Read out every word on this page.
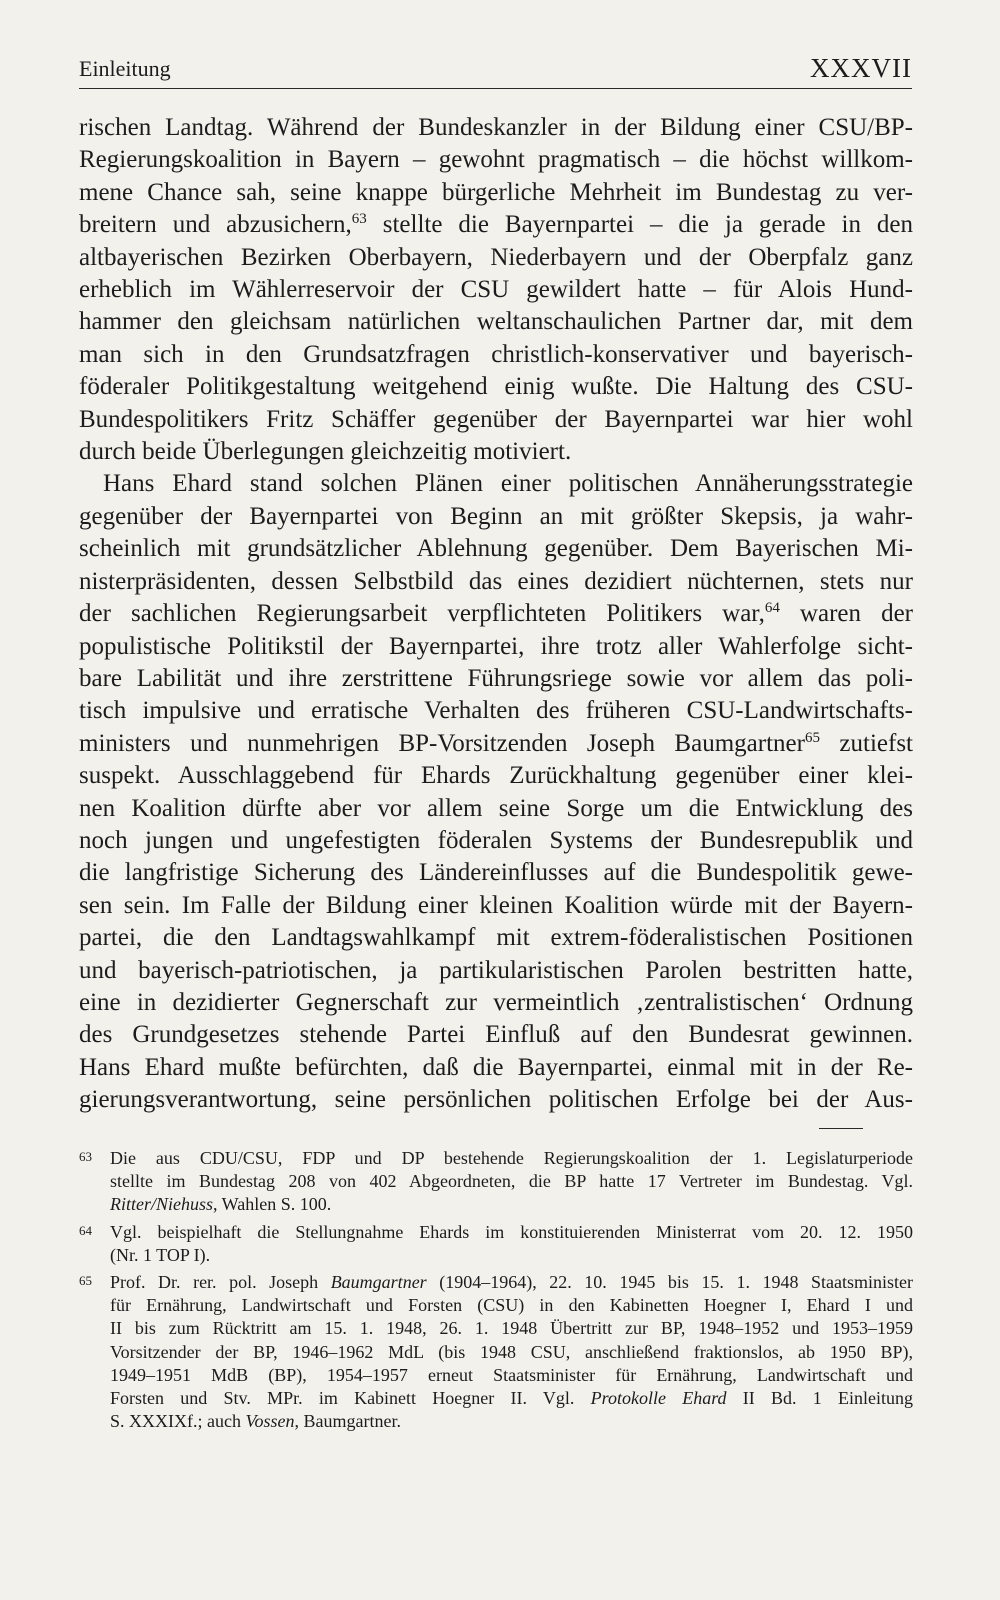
Einleitung	XXXVII

rischen Landtag. Während der Bundeskanzler in der Bildung einer CSU/BP-
Regierungskoalition in Bayern – gewohnt pragmatisch – die höchst willkom-
mene Chance sah, seine knappe bürgerliche Mehrheit im Bundestag zu ver-
breitern und abzusichern,$^{63}$ stellte die Bayernpartei – die ja gerade in den
altbayerischen Bezirken Oberbayern, Niederbayern und der Oberpfalz ganz
erheblich im Wählerreservoir der CSU gewildert hatte – für Alois Hund-
hammer den gleichsam natürlichen weltanschaulichen Partner dar, mit dem
man sich in den Grundsatzfragen christlich-konservativer und bayerisch-
föderaler Politikgestaltung weitgehend einig wußte. Die Haltung des CSU-
Bundespolitikers Fritz Schäffer gegenüber der Bayernpartei war hier wohl
durch beide Überlegungen gleichzeitig motiviert.

Hans Ehard stand solchen Plänen einer politischen Annäherungsstrategie
gegenüber der Bayernpartei von Beginn an mit größter Skepsis, ja wahr-
scheinlich mit grundsätzlicher Ablehnung gegenüber. Dem Bayerischen Mi-
nisterpräsidenten, dessen Selbstbild das eines dezidiert nüchternen, stets nur
der sachlichen Regierungsarbeit verpflichteten Politikers war,$^{64}$ waren der
populistische Politikstil der Bayernpartei, ihre trotz aller Wahlerfolge sicht-
bare Labilität und ihre zerstrittene Führungsriege sowie vor allem das poli-
tisch impulsive und erratische Verhalten des früheren CSU-Landwirtschafts-
ministers und nunmehrigen BP-Vorsitzenden Joseph Baumgartner$^{65}$ zutiefst
suspekt. Ausschlaggebend für Ehards Zurückhaltung gegenüber einer klei-
nen Koalition dürfte aber vor allem seine Sorge um die Entwicklung des
noch jungen und ungefestigten föderalen Systems der Bundesrepublik und
die langfristige Sicherung des Ländereinflusses auf die Bundespolitik gewe-
sen sein. Im Falle der Bildung einer kleinen Koalition würde mit der Bayern-
partei, die den Landtagswahlkampf mit extrem-föderalistischen Positionen
und bayerisch-patriotischen, ja partikularistischen Parolen bestritten hatte,
eine in dezidierter Gegnerschaft zur vermeintlich ‚zentralistischen‘ Ordnung
des Grundgesetzes stehende Partei Einfluß auf den Bundesrat gewinnen.
Hans Ehard mußte befürchten, daß die Bayernpartei, einmal mit in der Re-
gierungsverantwortung, seine persönlichen politischen Erfolge bei der Aus-

63 Die aus CDU/CSU, FDP und DP bestehende Regierungskoalition der 1. Legislaturperiode
stellte im Bundestag 208 von 402 Abgeordneten, die BP hatte 17 Vertreter im Bundestag. Vgl.
Ritter/Niehuss, Wahlen S. 100.
64 Vgl. beispielhaft die Stellungnahme Ehards im konstituierenden Ministerrat vom 20. 12. 1950
(Nr. 1 TOP I).
65 Prof. Dr. rer. pol. Joseph Baumgartner (1904–1964), 22. 10. 1945 bis 15. 1. 1948 Staatsminister
für Ernährung, Landwirtschaft und Forsten (CSU) in den Kabinetten Hoegner I, Ehard I und
II bis zum Rücktritt am 15. 1. 1948, 26. 1. 1948 Übertritt zur BP, 1948–1952 und 1953–1959
Vorsitzender der BP, 1946–1962 MdL (bis 1948 CSU, anschließend fraktionslos, ab 1950 BP),
1949–1951 MdB (BP), 1954–1957 erneut Staatsminister für Ernährung, Landwirtschaft und
Forsten und Stv. MPr. im Kabinett Hoegner II. Vgl. Protokolle Ehard II Bd. 1 Einleitung
S. XXXIXf.; auch Vossen, Baumgartner.
